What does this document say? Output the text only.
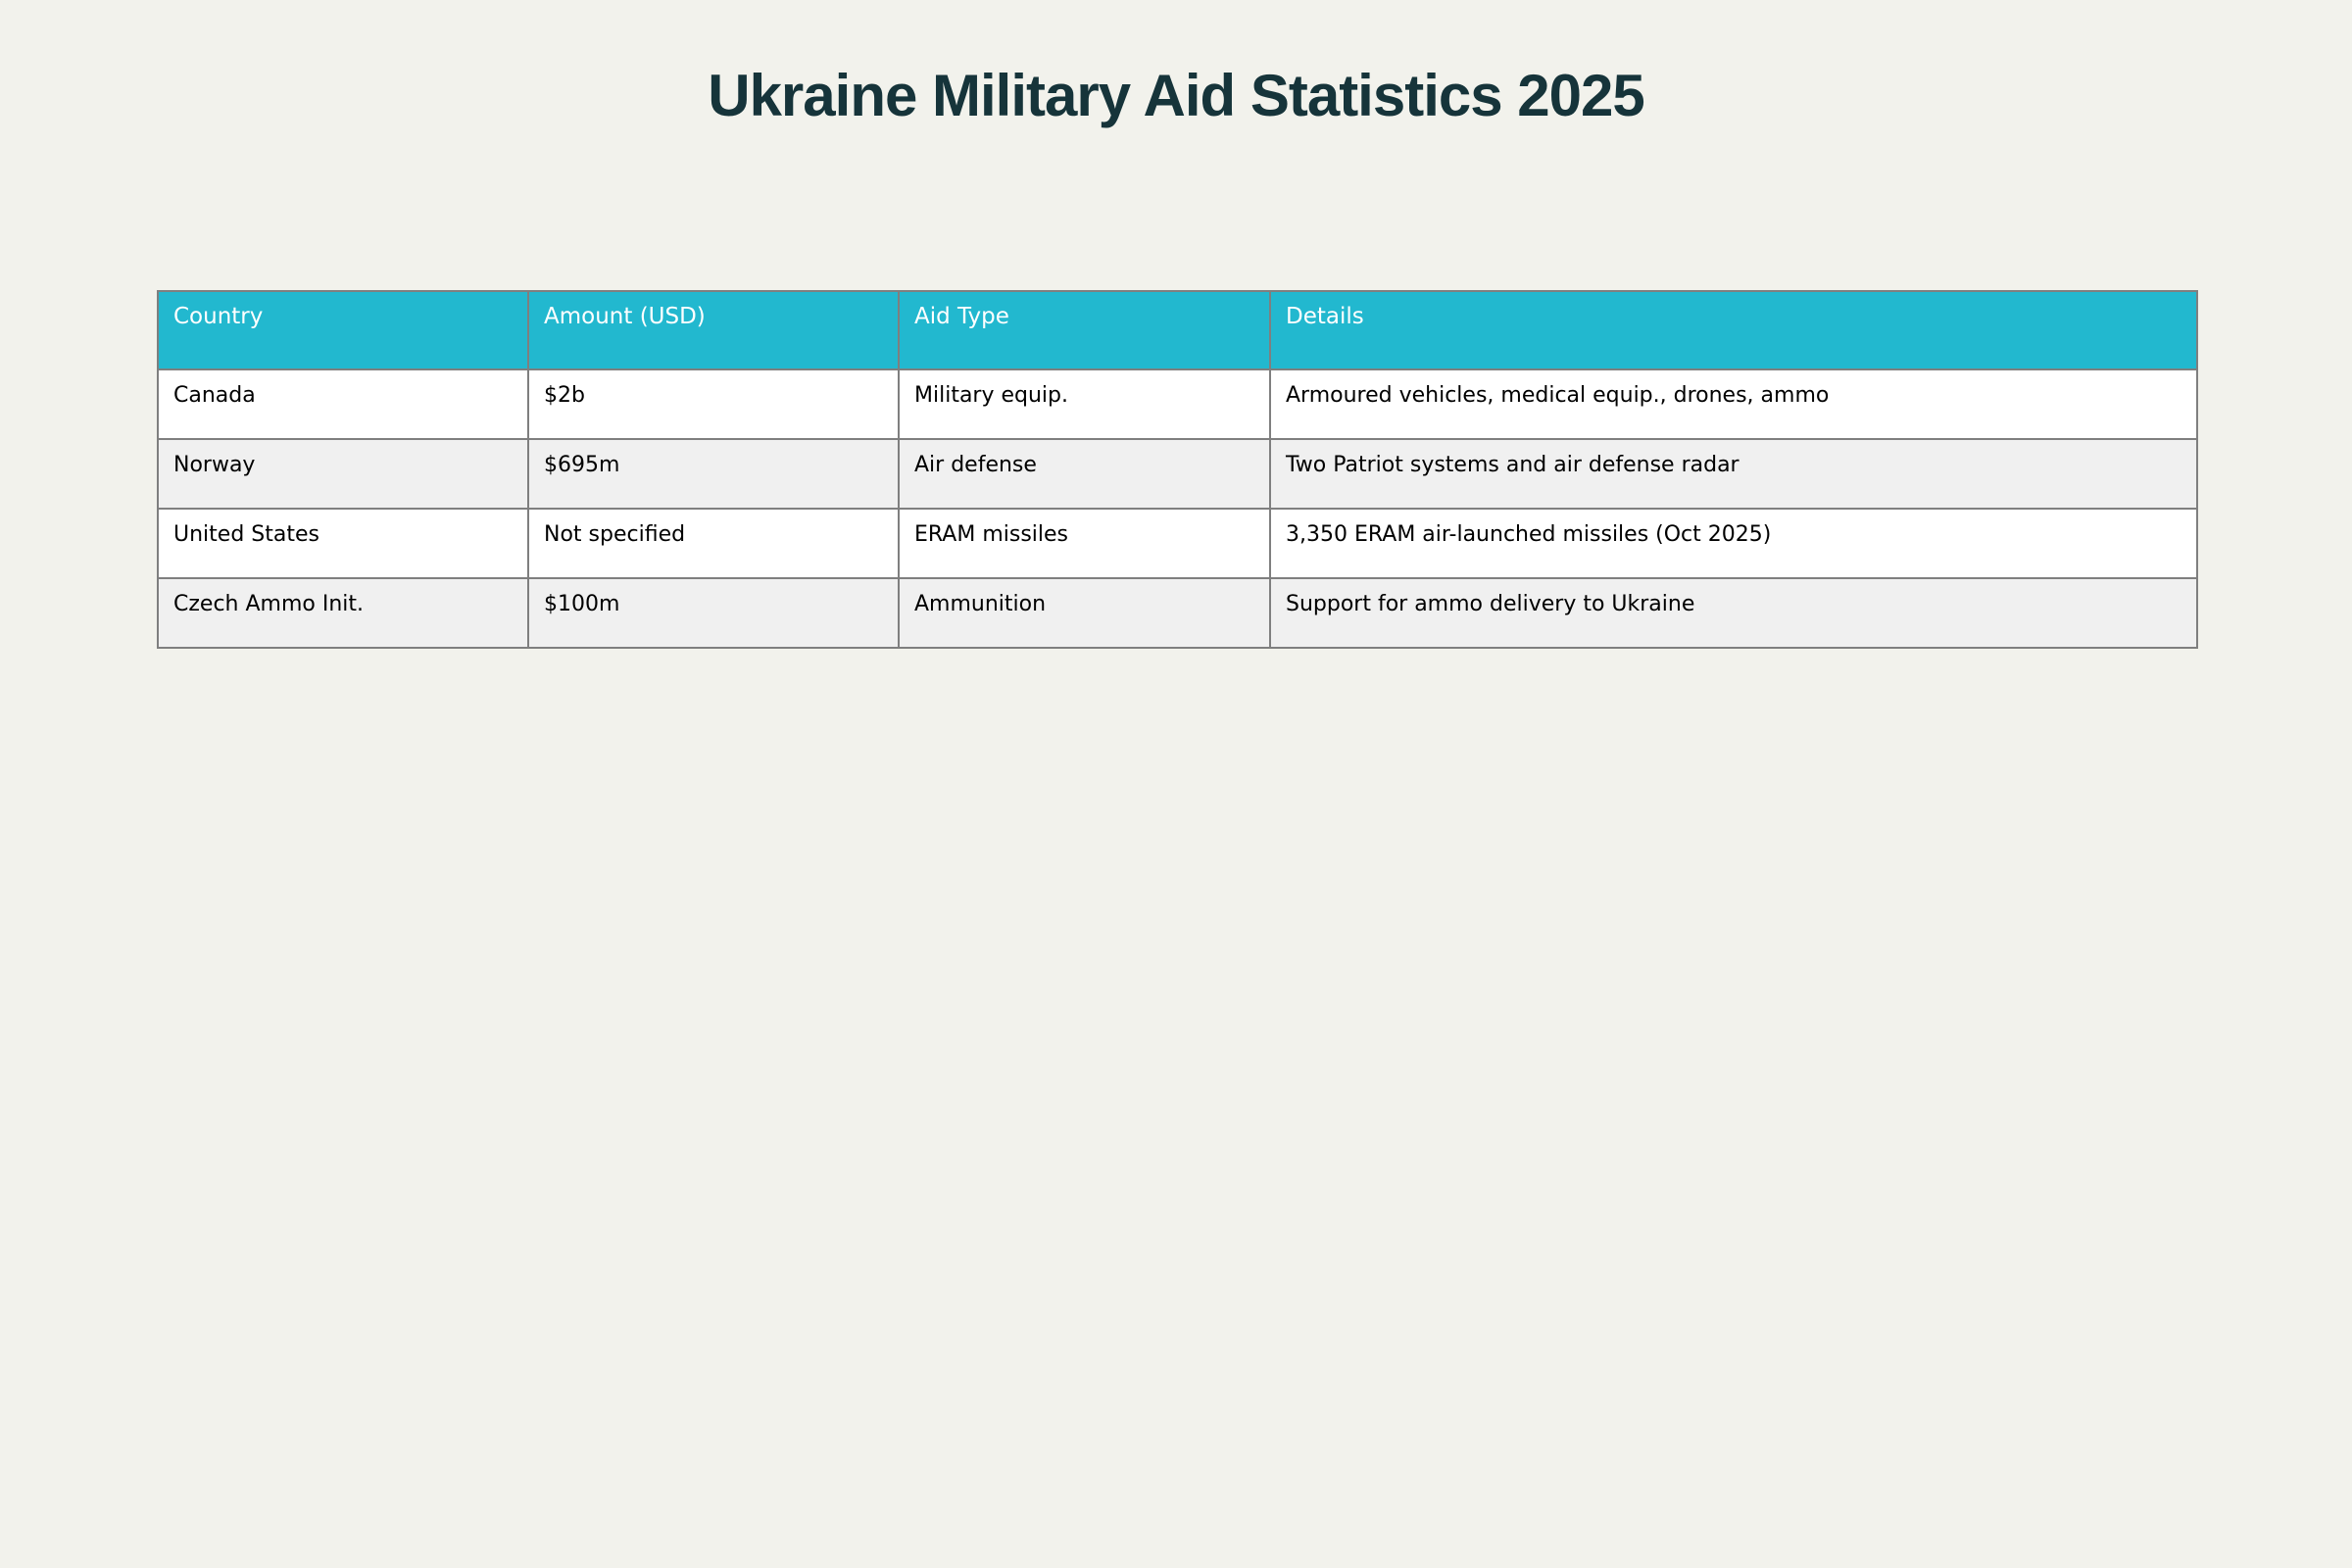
Ukraine Military Aid Statistics 2025
Country	Amount (USD)	Aid Type	Details
Canada	$2b	Military equip.	Armoured vehicles, medical equip., drones, ammo
Norway	$695m	Air defense	Two Patriot systems and air defense radar
United States	Not specified	ERAM missiles	3,350 ERAM air-launched missiles (Oct 2025)
Czech Ammo Init.	$100m	Ammunition	Support for ammo delivery to Ukraine
